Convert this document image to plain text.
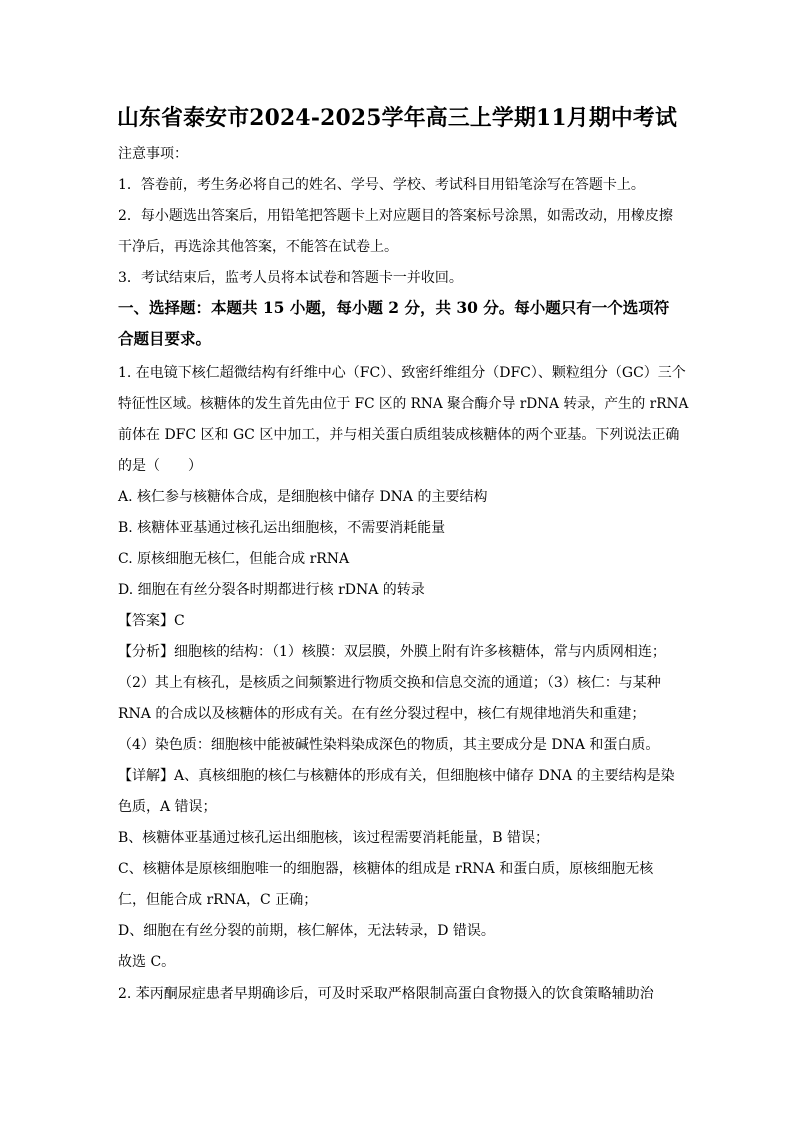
山东省泰安市2024-2025学年高三上学期11月期中考试
注意事项：
1．答卷前，考生务必将自己的姓名、学号、学校、考试科目用铅笔涂写在答题卡上。
2．每小题选出答案后，用铅笔把答题卡上对应题目的答案标号涂黑，如需改动，用橡皮擦
干净后，再选涂其他答案，不能答在试卷上。
3．考试结束后，监考人员将本试卷和答题卡一并收回。
一、选择题：本题共 15 小题，每小题 2 分，共 30 分。每小题只有一个选项符
合题目要求。
1. 在电镜下核仁超微结构有纤维中心（FC）、致密纤维组分（DFC）、颗粒组分（GC）三个
特征性区域。核糖体的发生首先由位于 FC 区的 RNA 聚合酶介导 rDNA 转录，产生的 rRNA
前体在 DFC 区和 GC 区中加工，并与相关蛋白质组装成核糖体的两个亚基。下列说法正确
的是（　　）
A. 核仁参与核糖体合成，是细胞核中储存 DNA 的主要结构
B. 核糖体亚基通过核孔运出细胞核，不需要消耗能量
C. 原核细胞无核仁，但能合成 rRNA
D. 细胞在有丝分裂各时期都进行核 rDNA 的转录
【答案】C
【分析】细胞核的结构：（1）核膜：双层膜，外膜上附有许多核糖体，常与内质网相连；
（2）其上有核孔，是核质之间频繁进行物质交换和信息交流的通道；（3）核仁：与某种
RNA 的合成以及核糖体的形成有关。在有丝分裂过程中，核仁有规律地消失和重建；
（4）染色质：细胞核中能被碱性染料染成深色的物质，其主要成分是 DNA 和蛋白质。
【详解】A、真核细胞的核仁与核糖体的形成有关，但细胞核中储存 DNA 的主要结构是染
色质，A 错误；
B、核糖体亚基通过核孔运出细胞核，该过程需要消耗能量，B 错误；
C、核糖体是原核细胞唯一的细胞器，核糖体的组成是 rRNA 和蛋白质，原核细胞无核
仁，但能合成 rRNA，C 正确；
D、细胞在有丝分裂的前期，核仁解体，无法转录，D 错误。
故选 C。
2. 苯丙酮尿症患者早期确诊后，可及时采取严格限制高蛋白食物摄入的饮食策略辅助治
